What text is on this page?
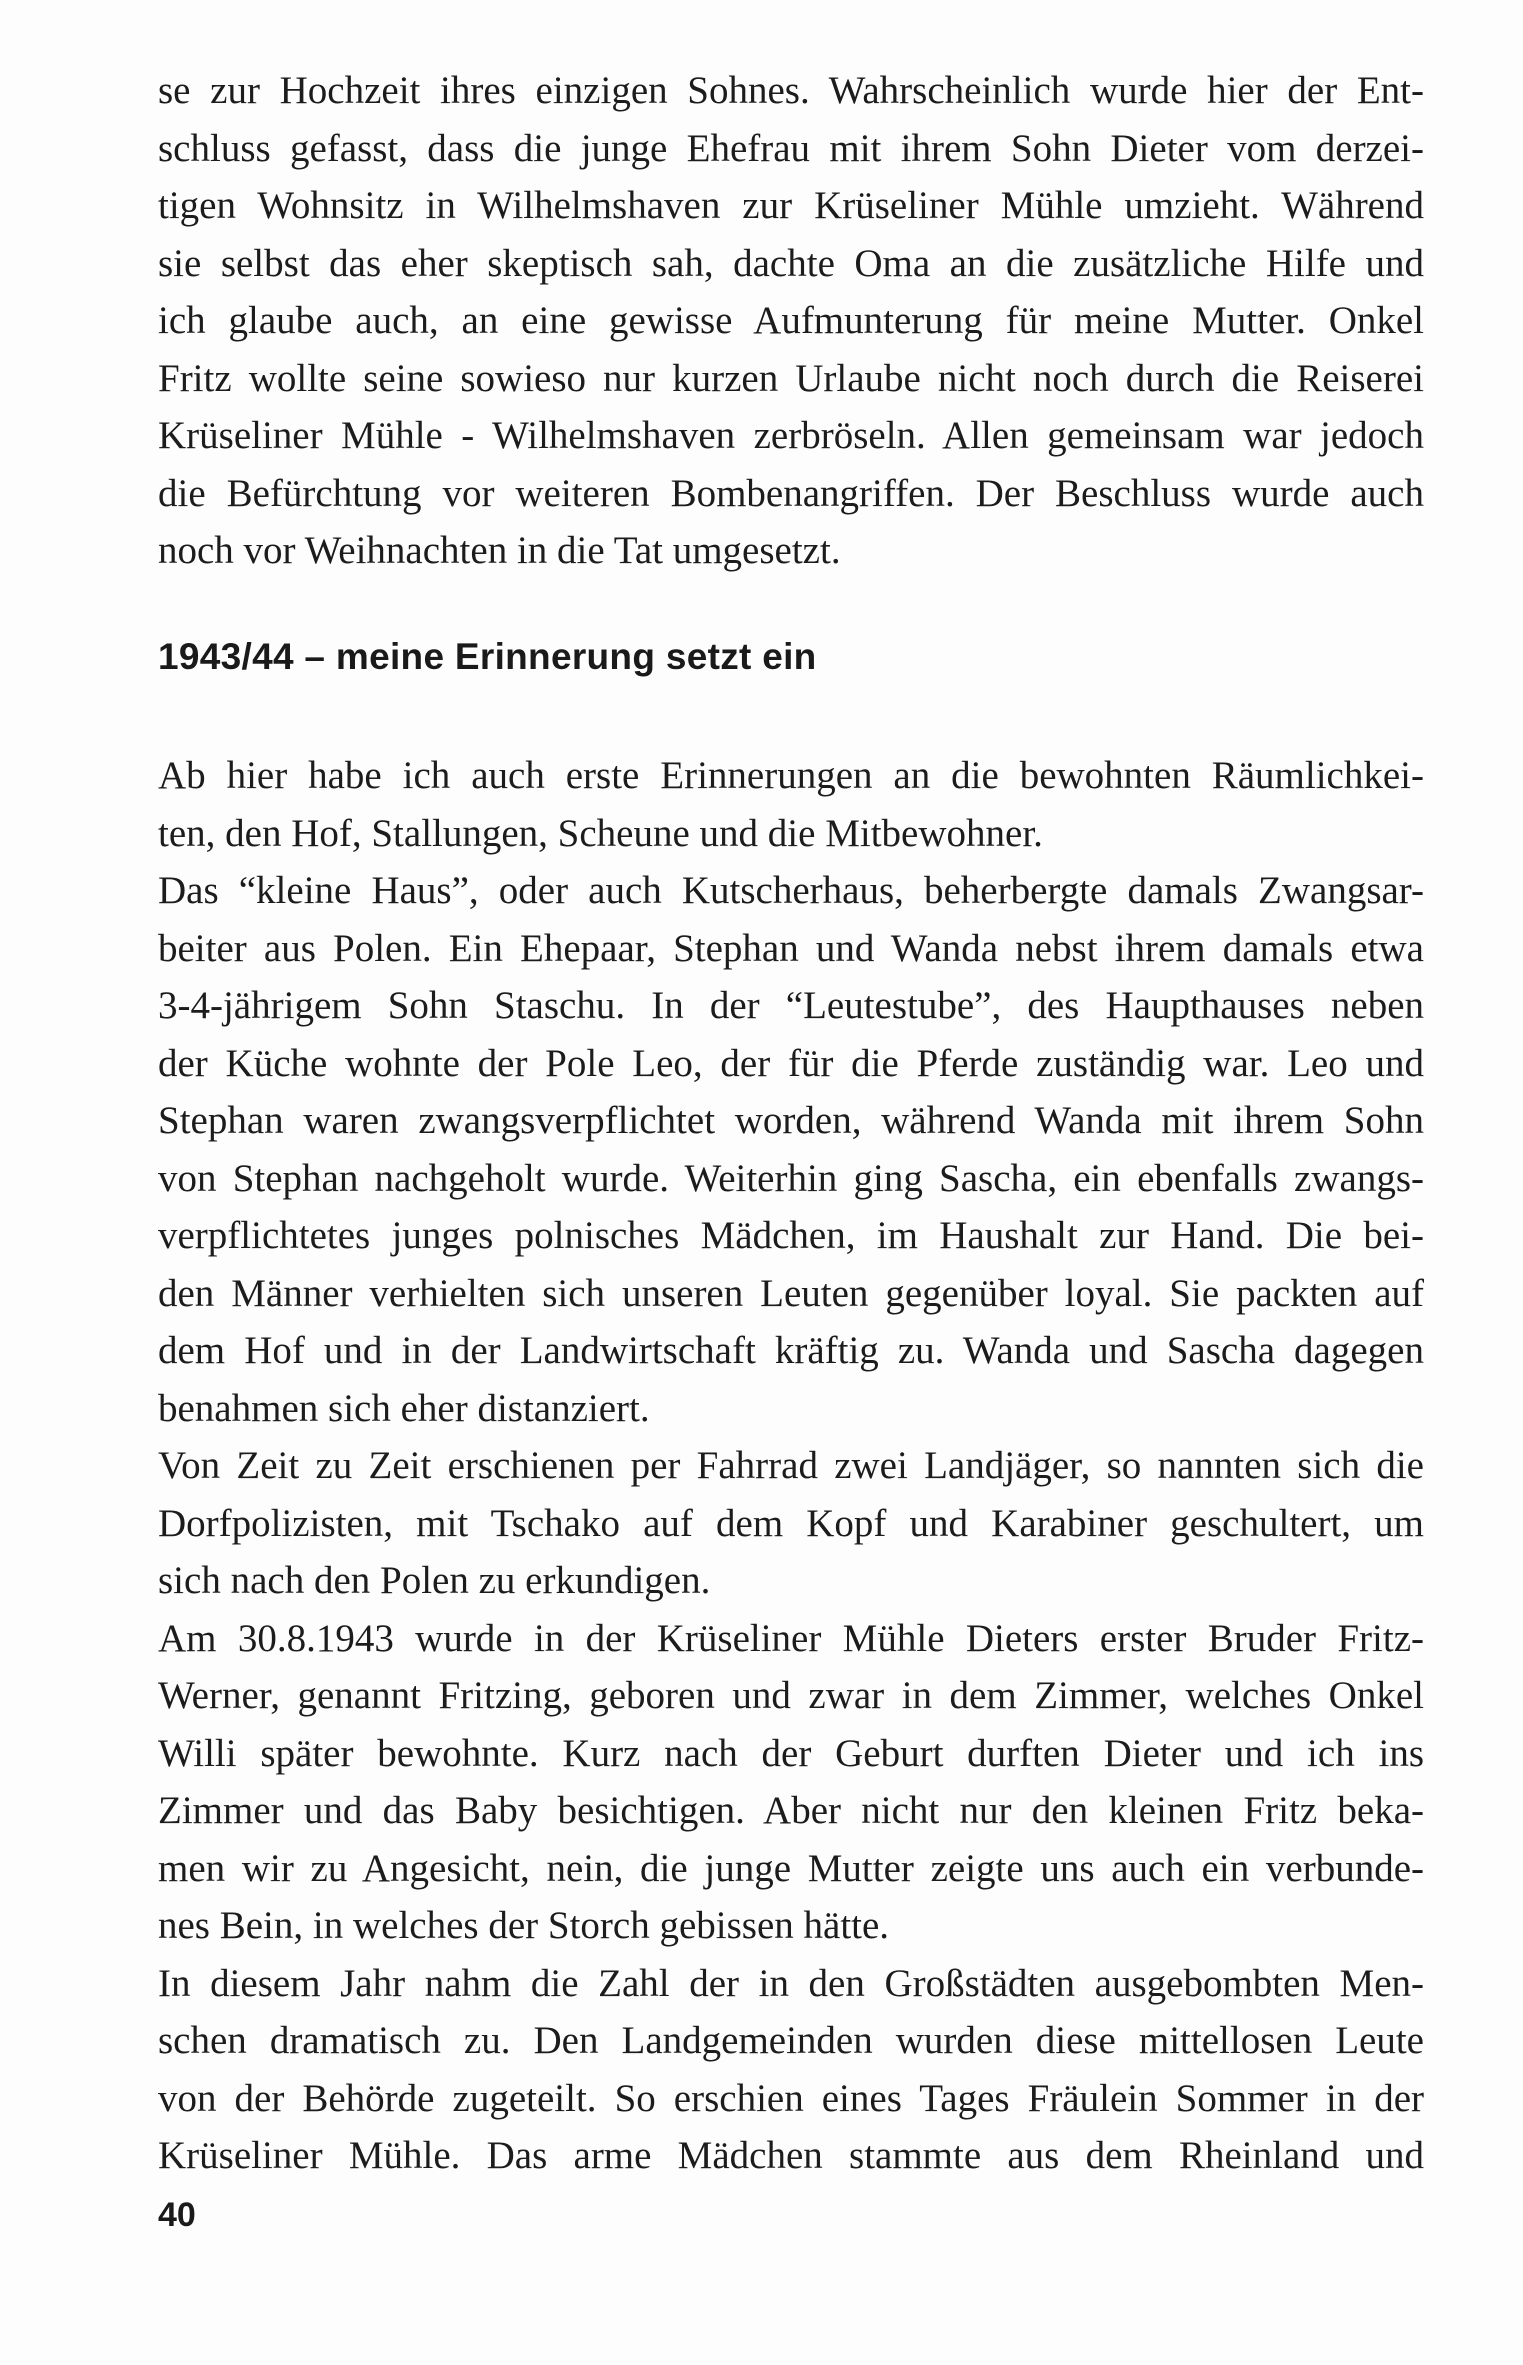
se zur Hochzeit ihres einzigen Sohnes. Wahrscheinlich wurde hier der Ent-
schluss gefasst, dass die junge Ehefrau mit ihrem Sohn Dieter vom derzei-
tigen Wohnsitz in Wilhelmshaven zur Krüseliner Mühle umzieht. Während
sie selbst das eher skeptisch sah, dachte Oma an die zusätzliche Hilfe und
ich glaube auch, an eine gewisse Aufmunterung für meine Mutter. Onkel
Fritz wollte seine sowieso nur kurzen Urlaube nicht noch durch die Reiserei
Krüseliner Mühle - Wilhelmshaven zerbröseln. Allen gemeinsam war jedoch
die Befürchtung vor weiteren Bombenangriffen. Der Beschluss wurde auch
noch vor Weihnachten in die Tat umgesetzt.
1943/44 – meine Erinnerung setzt ein
Ab hier habe ich auch erste Erinnerungen an die bewohnten Räumlichkei-
ten, den Hof, Stallungen, Scheune und die Mitbewohner.
Das “kleine Haus”, oder auch Kutscherhaus, beherbergte damals Zwangsar-
beiter aus Polen. Ein Ehepaar, Stephan und Wanda nebst ihrem damals etwa
3-4-jährigem Sohn Staschu. In der “Leutestube”, des Haupthauses neben
der Küche wohnte der Pole Leo, der für die Pferde zuständig war. Leo und
Stephan waren zwangsverpflichtet worden, während Wanda mit ihrem Sohn
von Stephan nachgeholt wurde. Weiterhin ging Sascha, ein ebenfalls zwangs-
verpflichtetes junges polnisches Mädchen, im Haushalt zur Hand. Die bei-
den Männer verhielten sich unseren Leuten gegenüber loyal. Sie packten auf
dem Hof und in der Landwirtschaft kräftig zu. Wanda und Sascha dagegen
benahmen sich eher distanziert.
Von Zeit zu Zeit erschienen per Fahrrad zwei Landjäger, so nannten sich die
Dorfpolizisten, mit Tschako auf dem Kopf und Karabiner geschultert, um
sich nach den Polen zu erkundigen.
Am 30.8.1943 wurde in der Krüseliner Mühle Dieters erster Bruder Fritz-
Werner, genannt Fritzing, geboren und zwar in dem Zimmer, welches Onkel
Willi später bewohnte. Kurz nach der Geburt durften Dieter und ich ins
Zimmer und das Baby besichtigen. Aber nicht nur den kleinen Fritz beka-
men wir zu Angesicht, nein, die junge Mutter zeigte uns auch ein verbunde-
nes Bein, in welches der Storch gebissen hätte.
In diesem Jahr nahm die Zahl der in den Großstädten ausgebombten Men-
schen dramatisch zu. Den Landgemeinden wurden diese mittellosen Leute
von der Behörde zugeteilt. So erschien eines Tages Fräulein Sommer in der
Krüseliner Mühle. Das arme Mädchen stammte aus dem Rheinland und
40
